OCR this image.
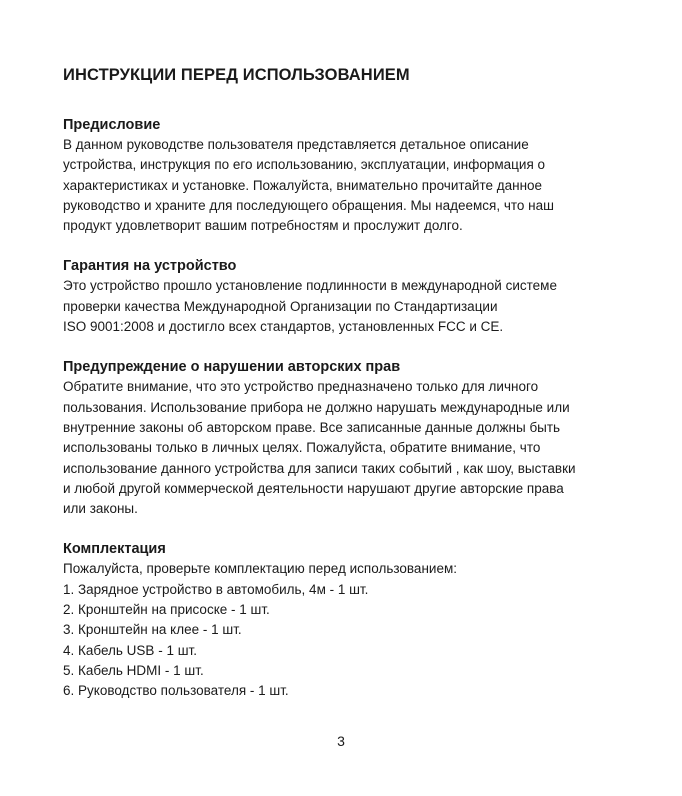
ИНСТРУКЦИИ ПЕРЕД ИСПОЛЬЗОВАНИЕМ
Предисловие
В данном руководстве пользователя представляется детальное описание
устройства, инструкция по его использованию, эксплуатации, информация о
характеристиках и установке. Пожалуйста, внимательно прочитайте данное
руководство и храните для последующего обращения. Мы надеемся, что наш
продукт удовлетворит вашим потребностям и прослужит долго.
Гарантия на устройство
Это устройство прошло установление подлинности в международной системе
проверки качества Международной Организации по Стандартизации
ISO 9001:2008 и достигло всех стандартов, установленных FCC и CE.
Предупреждение о нарушении авторских прав
Обратите внимание, что это устройство предназначено только для личного
пользования. Использование прибора не должно нарушать международные или
внутренние законы об авторском праве. Все записанные данные должны быть
использованы только в личных целях. Пожалуйста, обратите внимание, что
использование данного устройства для записи таких событий , как шоу, выставки
и любой другой коммерческой деятельности нарушают другие авторские права
или законы.
Комплектация
Пожалуйста, проверьте комплектацию перед использованием:
1. Зарядное устройство в автомобиль, 4м - 1 шт.
2. Кронштейн на присоске - 1 шт.
3. Кронштейн на клее - 1 шт.
4. Кабель USB - 1 шт.
5. Кабель HDMI - 1 шт.
6. Руководство пользователя - 1 шт.
3
